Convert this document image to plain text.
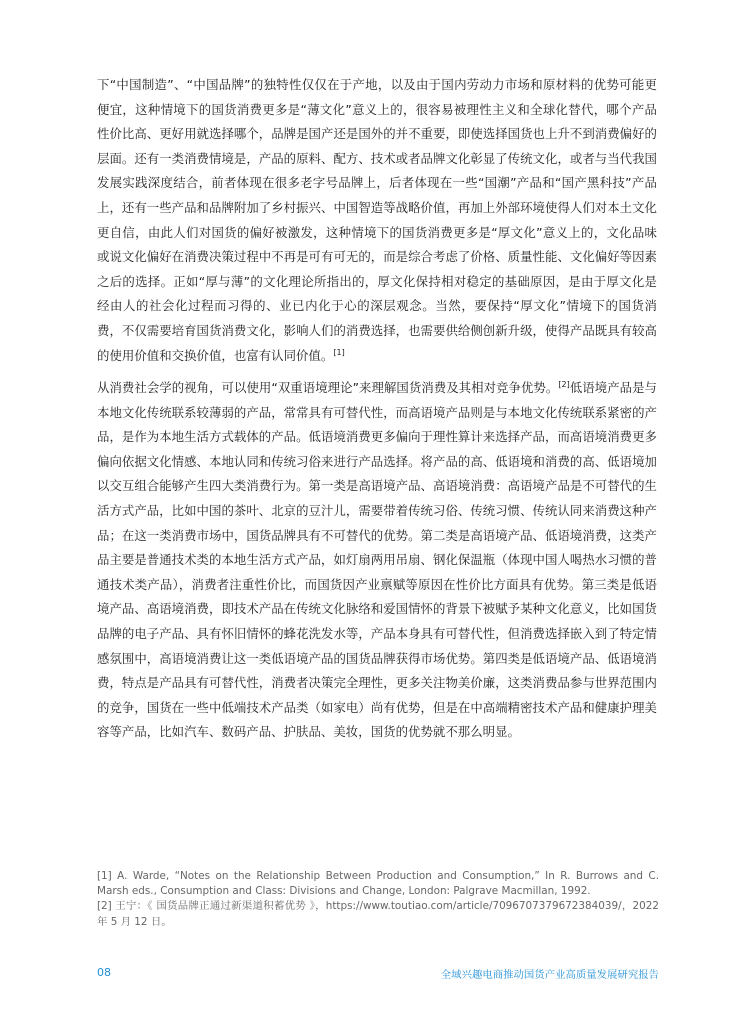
下“中国制造”、“中国品牌”的独特性仅仅在于产地，以及由于国内劳动力市场和原材料的优势可能更便宜，这种情境下的国货消费更多是“薄文化”意义上的，很容易被理性主义和全球化替代，哪个产品性价比高、更好用就选择哪个，品牌是国产还是国外的并不重要，即使选择国货也上升不到消费偏好的层面。还有一类消费情境是，产品的原料、配方、技术或者品牌文化彰显了传统文化，或者与当代我国发展实践深度结合，前者体现在很多老字号品牌上，后者体现在一些“国潮”产品和“国产黑科技”产品上，还有一些产品和品牌附加了乡村振兴、中国智造等战略价值，再加上外部环境使得人们对本土文化更自信，由此人们对国货的偏好被激发，这种情境下的国货消费更多是“厚文化”意义上的，文化品味或说文化偏好在消费决策过程中不再是可有可无的，而是综合考虑了价格、质量性能、文化偏好等因素之后的选择。正如“厚与薄”的文化理论所指出的，厚文化保持相对稳定的基础原因，是由于厚文化是经由人的社会化过程而习得的、业已内化于心的深层观念。当然，要保持“厚文化”情境下的国货消费，不仅需要培育国货消费文化，影响人们的消费选择，也需要供给侧创新升级，使得产品既具有较高的使用价值和交换价值，也富有认同价值。[1]

从消费社会学的视角，可以使用“双重语境理论”来理解国货消费及其相对竞争优势。[2]低语境产品是与本地文化传统联系较薄弱的产品，常常具有可替代性，而高语境产品则是与本地文化传统联系紧密的产品，是作为本地生活方式载体的产品。低语境消费更多偏向于理性算计来选择产品，而高语境消费更多偏向依据文化情感、本地认同和传统习俗来进行产品选择。将产品的高、低语境和消费的高、低语境加以交互组合能够产生四大类消费行为。第一类是高语境产品、高语境消费：高语境产品是不可替代的生活方式产品，比如中国的茶叶、北京的豆汁儿，需要带着传统习俗、传统习惯、传统认同来消费这种产品；在这一类消费市场中，国货品牌具有不可替代的优势。第二类是高语境产品、低语境消费，这类产品主要是普通技术类的本地生活方式产品，如灯扇两用吊扇、钢化保温瓶（体现中国人喝热水习惯的普通技术类产品），消费者注重性价比，而国货因产业禀赋等原因在性价比方面具有优势。第三类是低语境产品、高语境消费，即技术产品在传统文化脉络和爱国情怀的背景下被赋予某种文化意义，比如国货品牌的电子产品、具有怀旧情怀的蜂花洗发水等，产品本身具有可替代性，但消费选择嵌入到了特定情感氛围中，高语境消费让这一类低语境产品的国货品牌获得市场优势。第四类是低语境产品、低语境消费，特点是产品具有可替代性，消费者决策完全理性，更多关注物美价廉，这类消费品参与世界范围内的竞争，国货在一些中低端技术产品类（如家电）尚有优势，但是在中高端精密技术产品和健康护理美容等产品，比如汽车、数码产品、护肤品、美妆，国货的优势就不那么明显。

[1] A. Warde, “Notes on the Relationship Between Production and Consumption,” In R. Burrows and C. Marsh eds., Consumption and Class: Divisions and Change, London: Palgrave Macmillan, 1992.

[2] 王宁：《 国货品牌正通过新渠道积蓄优势 》，https://www.toutiao.com/article/7096707379672384039/，2022 年 5 月 12 日。

08	全域兴趣电商推动国货产业高质量发展研究报告
